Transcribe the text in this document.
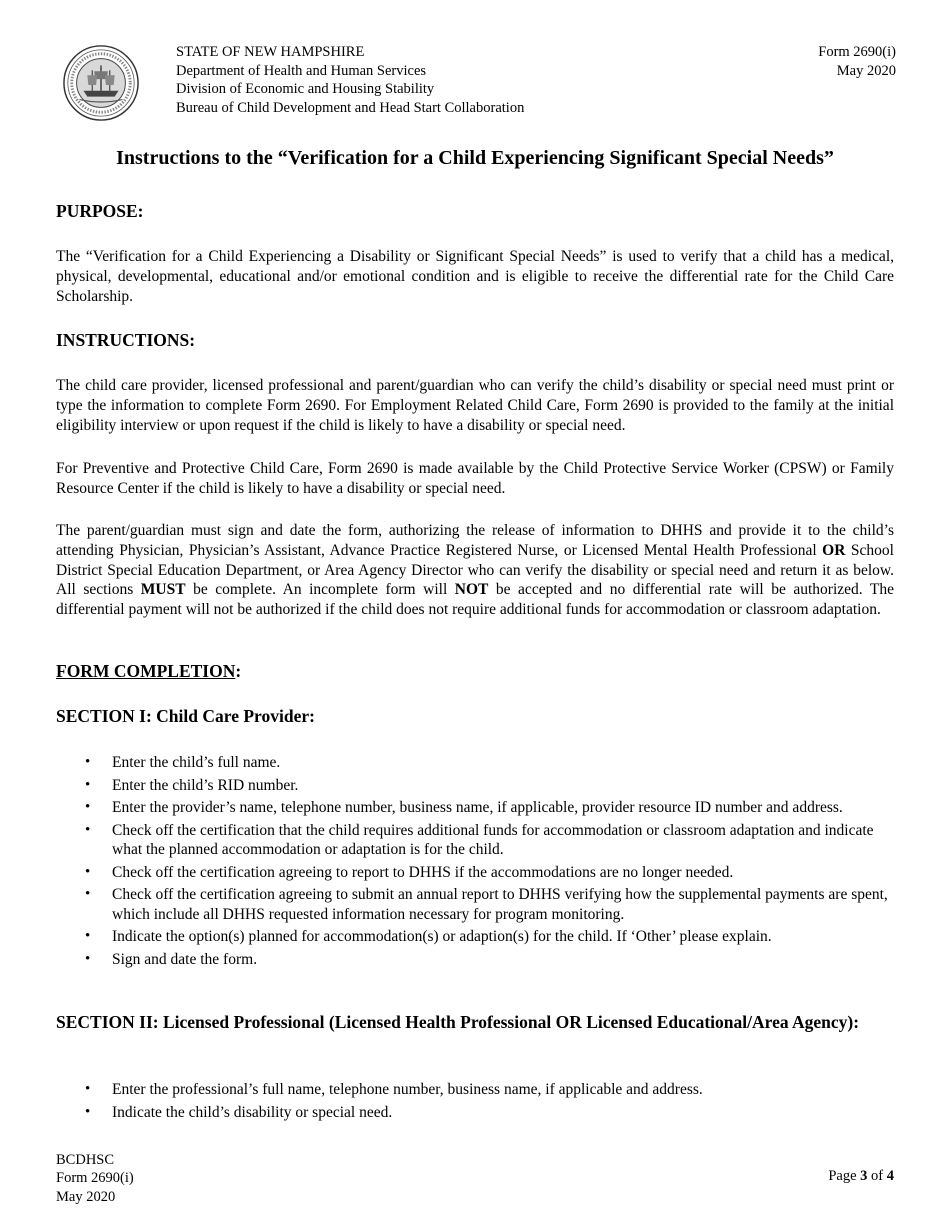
STATE OF NEW HAMPSHIRE
Department of Health and Human Services
Division of Economic and Housing Stability
Bureau of Child Development and Head Start Collaboration
Form 2690(i)
May 2020
Instructions to the “Verification for a Child Experiencing Significant Special Needs”
PURPOSE:
The “Verification for a Child Experiencing a Disability or Significant Special Needs” is used to verify that a child has a medical, physical, developmental, educational and/or emotional condition and is eligible to receive the differential rate for the Child Care Scholarship.
INSTRUCTIONS:
The child care provider, licensed professional and parent/guardian who can verify the child’s disability or special need must print or type the information to complete Form 2690. For Employment Related Child Care, Form 2690 is provided to the family at the initial eligibility interview or upon request if the child is likely to have a disability or special need.
For Preventive and Protective Child Care, Form 2690 is made available by the Child Protective Service Worker (CPSW) or Family Resource Center if the child is likely to have a disability or special need.
The parent/guardian must sign and date the form, authorizing the release of information to DHHS and provide it to the child’s attending Physician, Physician’s Assistant, Advance Practice Registered Nurse, or Licensed Mental Health Professional OR School District Special Education Department, or Area Agency Director who can verify the disability or special need and return it as below. All sections MUST be complete. An incomplete form will NOT be accepted and no differential rate will be authorized. The differential payment will not be authorized if the child does not require additional funds for accommodation or classroom adaptation.
FORM COMPLETION:
SECTION I: Child Care Provider:
• Enter the child’s full name.
• Enter the child’s RID number.
• Enter the provider’s name, telephone number, business name, if applicable, provider resource ID number and address.
• Check off the certification that the child requires additional funds for accommodation or classroom adaptation and indicate what the planned accommodation or adaptation is for the child.
• Check off the certification agreeing to report to DHHS if the accommodations are no longer needed.
• Check off the certification agreeing to submit an annual report to DHHS verifying how the supplemental payments are spent, which include all DHHS requested information necessary for program monitoring.
• Indicate the option(s) planned for accommodation(s) or adaption(s) for the child. If ‘Other’ please explain.
• Sign and date the form.
SECTION II: Licensed Professional (Licensed Health Professional OR Licensed Educational/Area Agency):
• Enter the professional’s full name, telephone number, business name, if applicable and address.
• Indicate the child’s disability or special need.
BCDHSC
Form 2690(i)
May 2020
Page 3 of 4
